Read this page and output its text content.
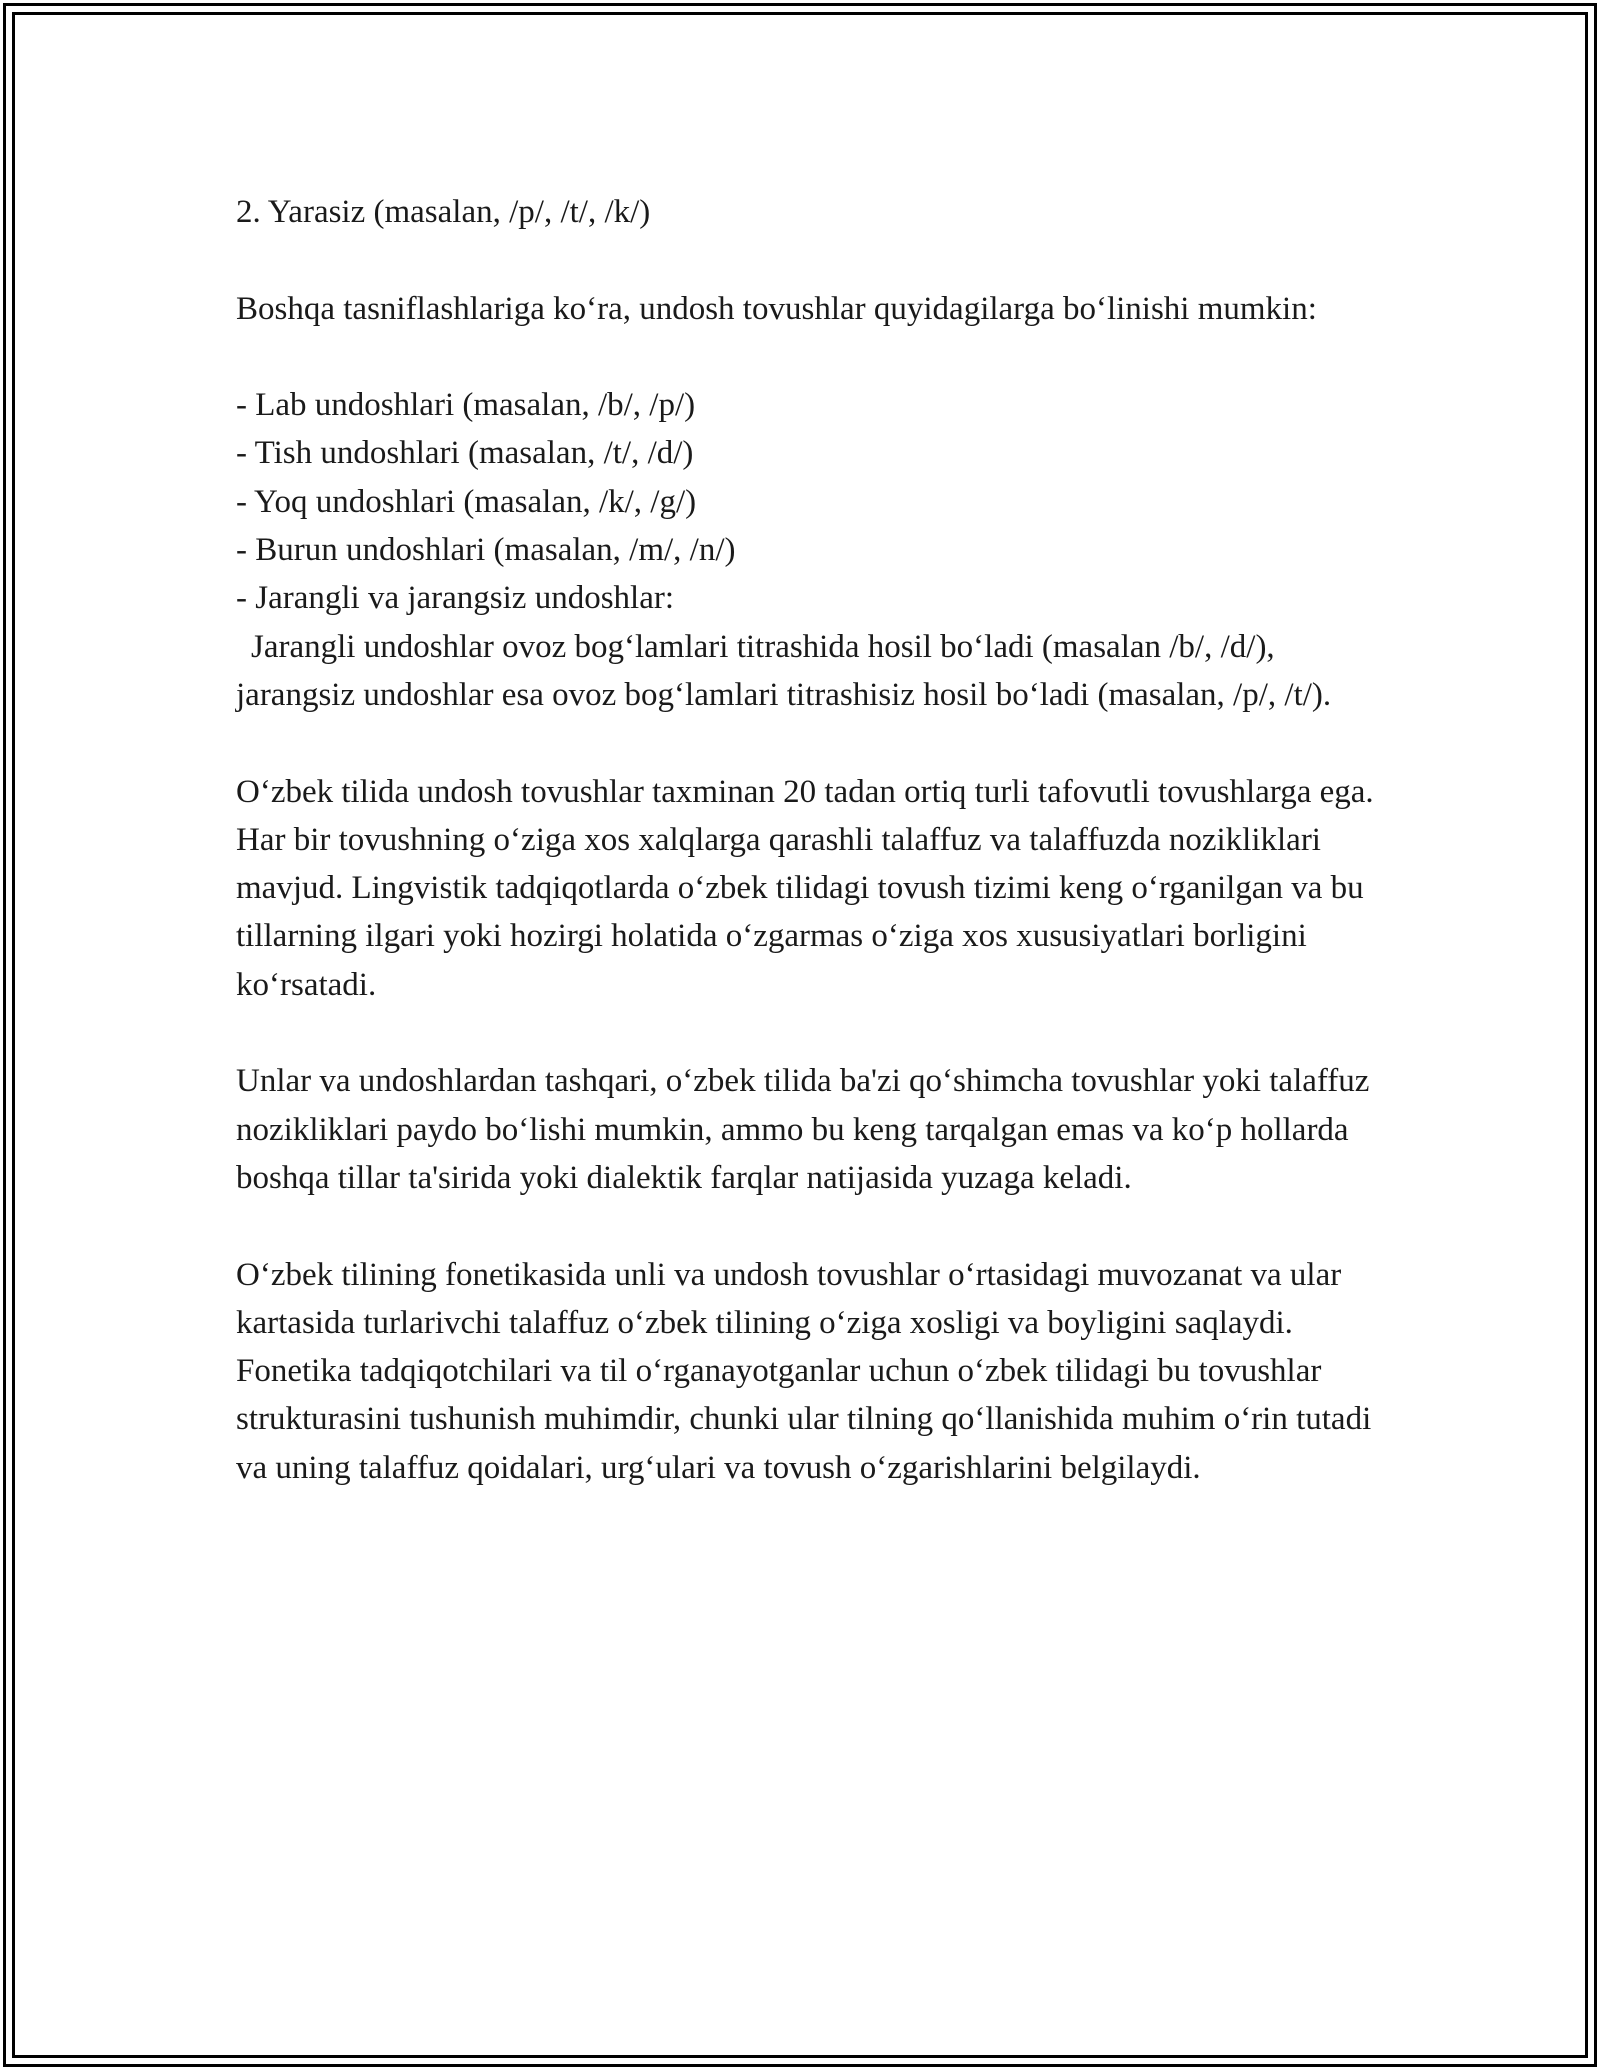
2. Yarasiz (masalan, /p/, /t/, /k/)

Boshqa tasniflashlariga koʻra, undosh tovushlar quyidagilarga boʻlinishi mumkin:

- Lab undoshlari (masalan, /b/, /p/)
- Tish undoshlari (masalan, /t/, /d/)
- Yoq undoshlari (masalan, /k/, /g/)
- Burun undoshlari (masalan, /m/, /n/)
- Jarangli va jarangsiz undoshlar:

Jarangli undoshlar ovoz bogʻlamlari titrashida hosil boʻladi (masalan /b/, /d/), jarangsiz undoshlar esa ovoz bogʻlamlari titrashisiz hosil boʻladi (masalan, /p/, /t/).

Oʻzbek tilida undosh tovushlar taxminan 20 tadan ortiq turli tafovutli tovushlarga ega. Har bir tovushning oʻziga xos xalqlarga qarashli talaffuz va talaffuzda nozikliklari mavjud. Lingvistik tadqiqotlarda oʻzbek tilidagi tovush tizimi keng oʻrganilgan va bu tillarning ilgari yoki hozirgi holatida oʻzgarmas oʻziga xos xususiyatlari borligini koʻrsatadi.

Unlar va undoshlardan tashqari, oʻzbek tilida ba'zi qoʻshimcha tovushlar yoki talaffuz nozikliklari paydo boʻlishi mumkin, ammo bu keng tarqalgan emas va koʻp hollarda boshqa tillar ta'sirida yoki dialektik farqlar natijasida yuzaga keladi.

Oʻzbek tilining fonetikasida unli va undosh tovushlar oʻrtasidagi muvozanat va ular kartasida turlarivchi talaffuz oʻzbek tilining oʻziga xosligi va boyligini saqlaydi. Fonetika tadqiqotchilari va til oʻrganayotganlar uchun oʻzbek tilidagi bu tovushlar strukturasini tushunish muhimdir, chunki ular tilning qoʻllanishida muhim oʻrin tutadi va uning talaffuz qoidalari, urgʻulari va tovush oʻzgarishlarini belgilaydi.
